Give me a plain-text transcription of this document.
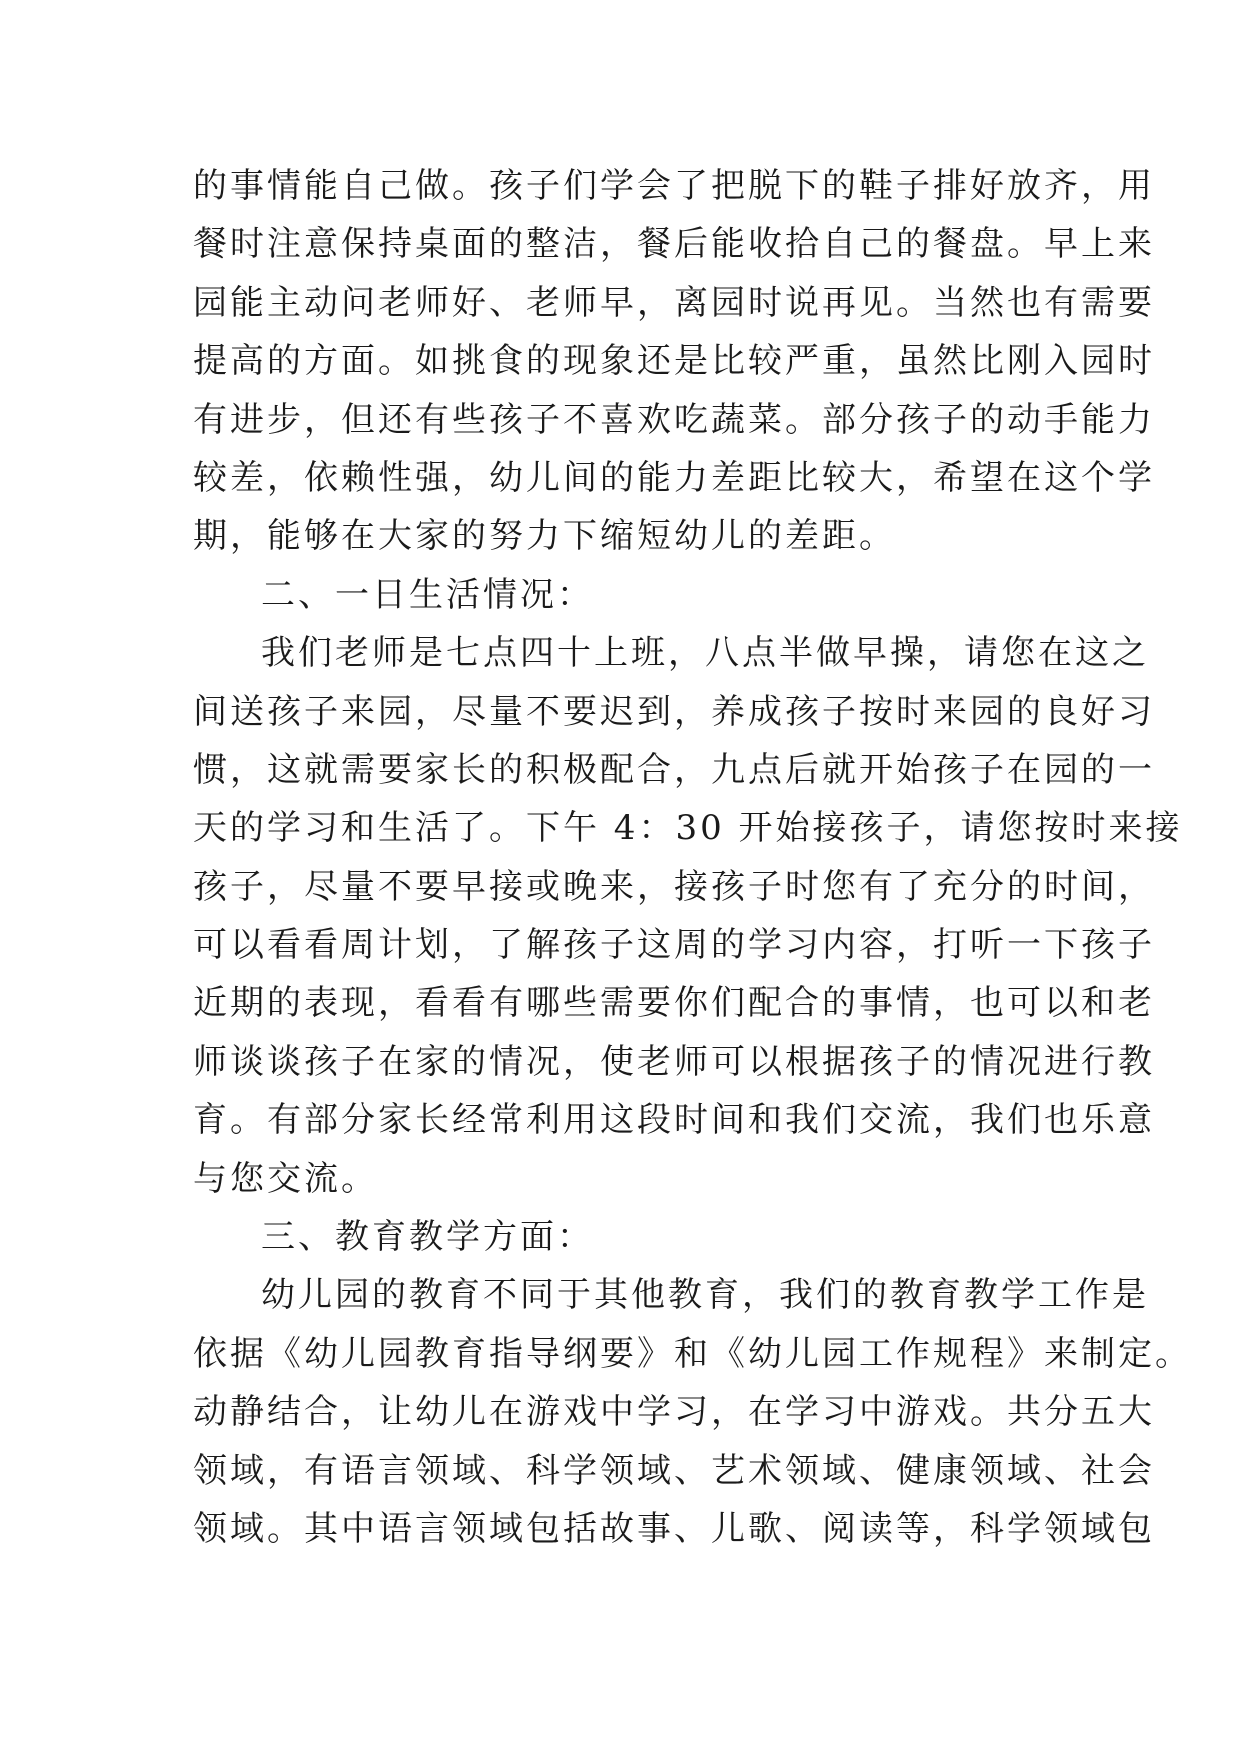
的事情能自己做。孩子们学会了把脱下的鞋子排好放齐，用
餐时注意保持桌面的整洁，餐后能收拾自己的餐盘。早上来
园能主动问老师好、老师早，离园时说再见。当然也有需要
提高的方面。如挑食的现象还是比较严重，虽然比刚入园时
有进步，但还有些孩子不喜欢吃蔬菜。部分孩子的动手能力
较差，依赖性强，幼儿间的能力差距比较大，希望在这个学
期，能够在大家的努力下缩短幼儿的差距。
二、一日生活情况：
我们老师是七点四十上班，八点半做早操，请您在这之
间送孩子来园，尽量不要迟到，养成孩子按时来园的良好习
惯，这就需要家长的积极配合，九点后就开始孩子在园的一
天的学习和生活了。下午 4：30 开始接孩子，请您按时来接
孩子，尽量不要早接或晚来，接孩子时您有了充分的时间，
可以看看周计划，了解孩子这周的学习内容，打听一下孩子
近期的表现，看看有哪些需要你们配合的事情，也可以和老
师谈谈孩子在家的情况，使老师可以根据孩子的情况进行教
育。有部分家长经常利用这段时间和我们交流，我们也乐意
与您交流。
三、教育教学方面：
幼儿园的教育不同于其他教育，我们的教育教学工作是
依据《幼儿园教育指导纲要》和《幼儿园工作规程》来制定。
动静结合，让幼儿在游戏中学习，在学习中游戏。共分五大
领域，有语言领域、科学领域、艺术领域、健康领域、社会
领域。其中语言领域包括故事、儿歌、阅读等，科学领域包
